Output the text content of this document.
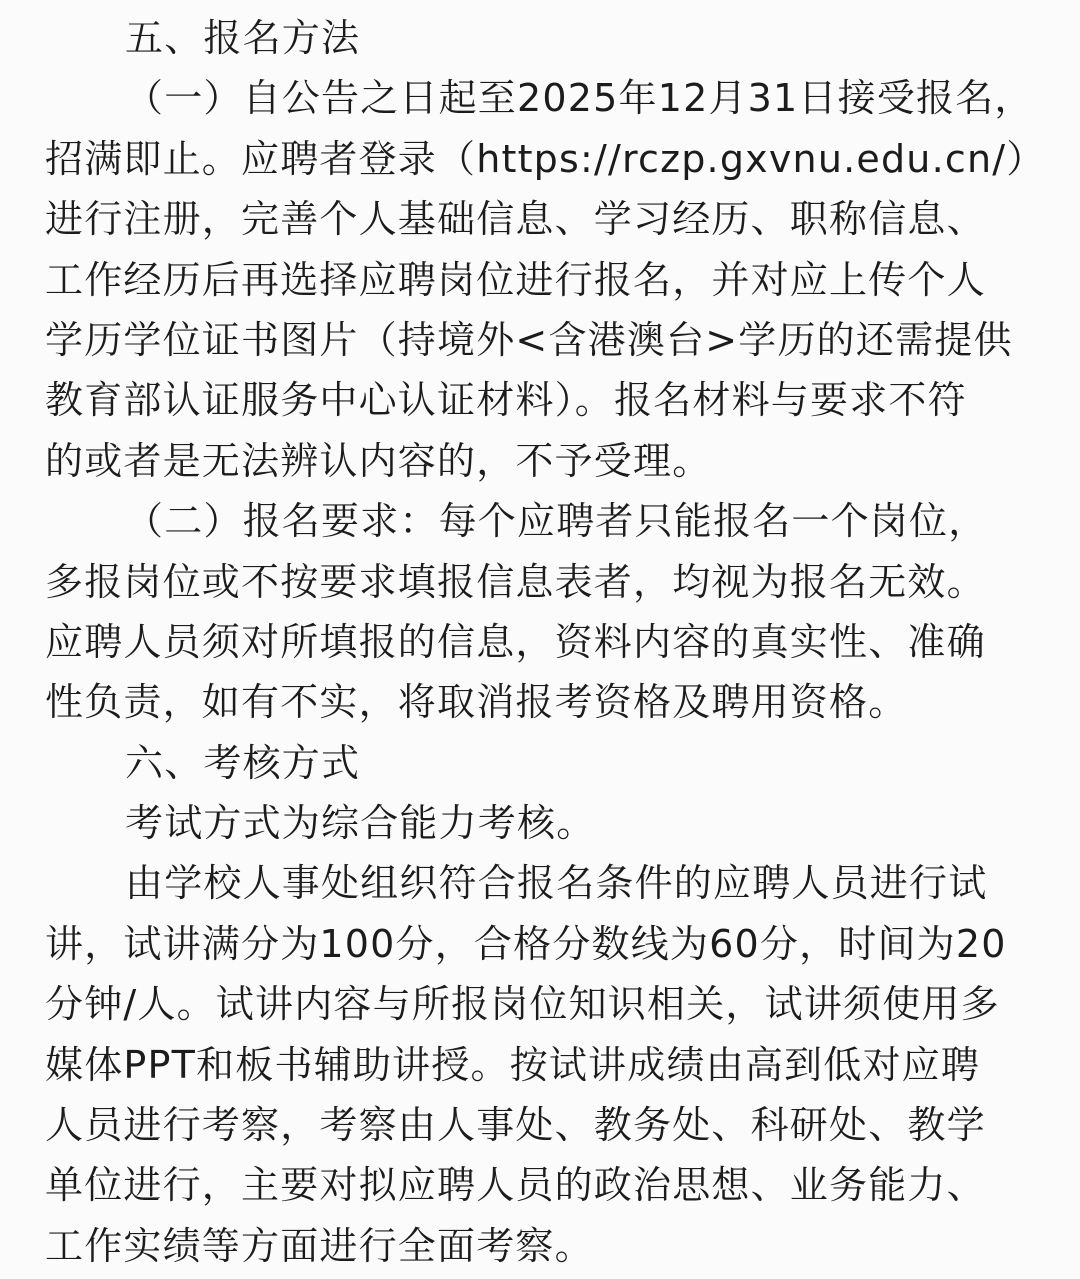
五、报名方法
（一）自公告之日起至2025年12月31日接受报名，
招满即止。应聘者登录（https://rczp.gxvnu.edu.cn/）
进行注册，完善个人基础信息、学习经历、职称信息、
工作经历后再选择应聘岗位进行报名，并对应上传个人
学历学位证书图片（持境外<含港澳台>学历的还需提供
教育部认证服务中心认证材料）。报名材料与要求不符
的或者是无法辨认内容的，不予受理。
（二）报名要求：每个应聘者只能报名一个岗位，
多报岗位或不按要求填报信息表者，均视为报名无效。
应聘人员须对所填报的信息，资料内容的真实性、准确
性负责，如有不实，将取消报考资格及聘用资格。
六、考核方式
考试方式为综合能力考核。
由学校人事处组织符合报名条件的应聘人员进行试
讲，试讲满分为100分，合格分数线为60分，时间为20
分钟/人。试讲内容与所报岗位知识相关，试讲须使用多
媒体PPT和板书辅助讲授。按试讲成绩由高到低对应聘
人员进行考察，考察由人事处、教务处、科研处、教学
单位进行，主要对拟应聘人员的政治思想、业务能力、
工作实绩等方面进行全面考察。
